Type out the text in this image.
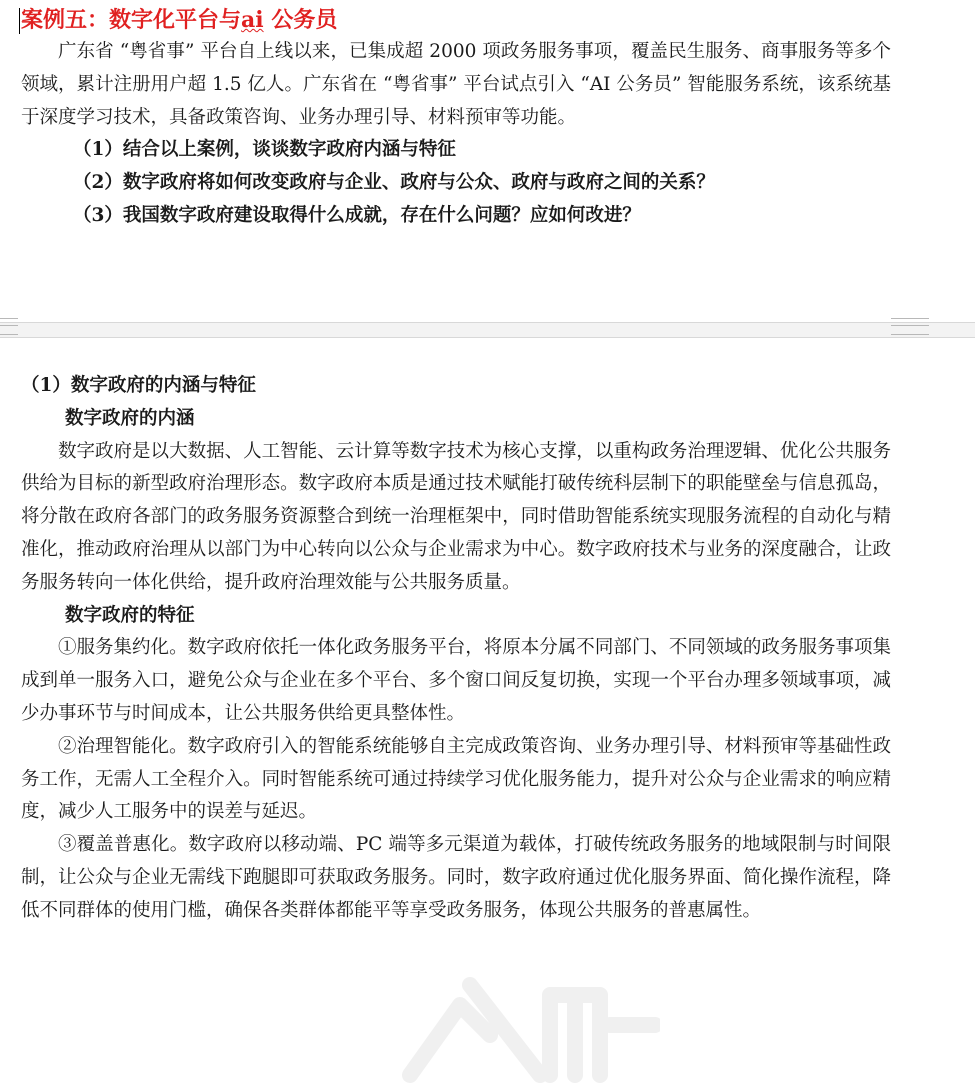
案例五：数字化平台与ai 公务员

广东省 “粤省事” 平台自上线以来，已集成超 2000 项政务服务事项，覆盖民生服务、商事服务等多个领域，累计注册用户超 1.5 亿人。广东省在 “粤省事” 平台试点引入 “AI 公务员” 智能服务系统，该系统基于深度学习技术，具备政策咨询、业务办理引导、材料预审等功能。

（1）结合以上案例，谈谈数字政府内涵与特征

（2）数字政府将如何改变政府与企业、政府与公众、政府与政府之间的关系？

（3）我国数字政府建设取得什么成就，存在什么问题？应如何改进？

（1）数字政府的内涵与特征

数字政府的内涵

数字政府是以大数据、人工智能、云计算等数字技术为核心支撑，以重构政务治理逻辑、优化公共服务供给为目标的新型政府治理形态。数字政府本质是通过技术赋能打破传统科层制下的职能壁垒与信息孤岛，将分散在政府各部门的政务服务资源整合到统一治理框架中，同时借助智能系统实现服务流程的自动化与精准化，推动政府治理从以部门为中心转向以公众与企业需求为中心。数字政府技术与业务的深度融合，让政务服务转向一体化供给，提升政府治理效能与公共服务质量。

数字政府的特征

①服务集约化。数字政府依托一体化政务服务平台，将原本分属不同部门、不同领域的政务服务事项集成到单一服务入口，避免公众与企业在多个平台、多个窗口间反复切换，实现一个平台办理多领域事项，减少办事环节与时间成本，让公共服务供给更具整体性。

②治理智能化。数字政府引入的智能系统能够自主完成政策咨询、业务办理引导、材料预审等基础性政务工作，无需人工全程介入。同时智能系统可通过持续学习优化服务能力，提升对公众与企业需求的响应精度，减少人工服务中的误差与延迟。

③覆盖普惠化。数字政府以移动端、PC 端等多元渠道为载体，打破传统政务服务的地域限制与时间限制，让公众与企业无需线下跑腿即可获取政务服务。同时，数字政府通过优化服务界面、简化操作流程，降低不同群体的使用门槛，确保各类群体都能平等享受政务服务，体现公共服务的普惠属性。
